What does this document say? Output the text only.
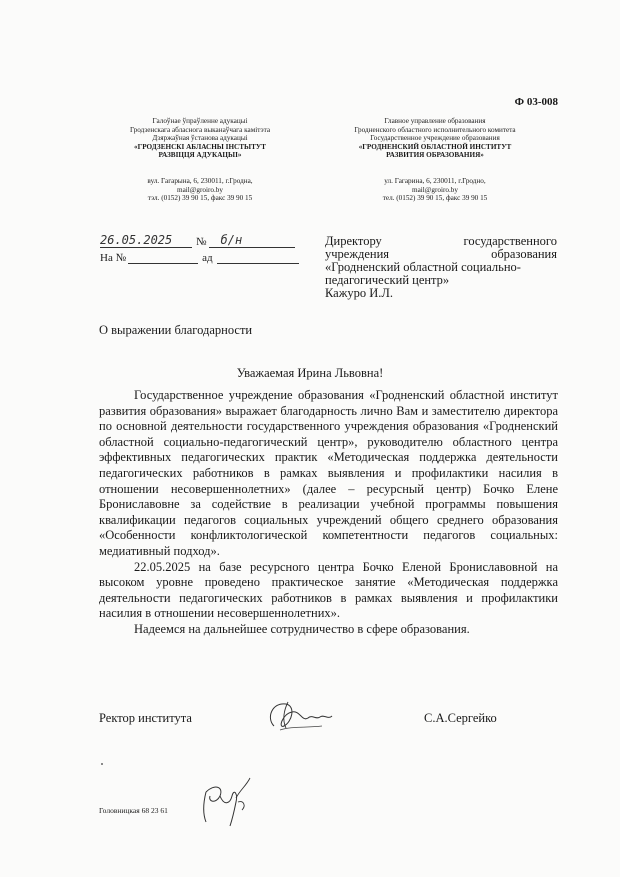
Ф 03-008
Галоўнае ўпраўленне адукацыі
Гродзенскага абласнога выканаўчага камітэта
Дзяржаўная ўстанова адукацыі
«ГРОДЗЕНСКІ АБЛАСНЫ ІНСТЫТУТ
РАЗВІЦЦЯ АДУКАЦЫІ»
вул. Гагарына, 6, 230011, г.Гродна,
mail@groiro.by
тэл. (0152) 39 90 15, факс 39 90 15
Главное управление образования
Гродненского областного исполнительного комитета
Государственное учреждение образования
«ГРОДНЕНСКИЙ ОБЛАСТНОЙ ИНСТИТУТ
РАЗВИТИЯ ОБРАЗОВАНИЯ»
ул. Гагарина, 6, 230011, г.Гродно,
mail@groiro.by
тел. (0152) 39 90 15, факс 39 90 15
26.05.2025	№	б/н
На №	ад
Директору	государственного
учреждения	образования
«Гродненский областной социально-
педагогический центр»
Кажуро И.Л.
О выражении благодарности
Уважаемая Ирина Львовна!

Государственное учреждение образования «Гродненский областной институт развития образования» выражает благодарность лично Вам и заместителю директора по основной деятельности государственного учреждения образования «Гродненский областной социально-педагогический центр», руководителю областного центра эффективных педагогических практик «Методическая поддержка деятельности педагогических работников в рамках выявления и профилактики насилия в отношении несовершеннолетних» (далее – ресурсный центр) Бочко Елене Брониславовне за содействие в реализации учебной программы повышения квалификации педагогов социальных учреждений общего среднего образования «Особенности конфликтологической компетентности педагогов социальных: медиативный подход».

22.05.2025 на базе ресурсного центра Бочко Еленой Брониславовной на высоком уровне проведено практическое занятие «Методическая поддержка деятельности педагогических работников в рамках выявления и профилактики насилия в отношении несовершеннолетних».

Надеемся на дальнейшее сотрудничество в сфере образования.

Ректор института	С.А.Сергейко
Головницкая 68 23 61
